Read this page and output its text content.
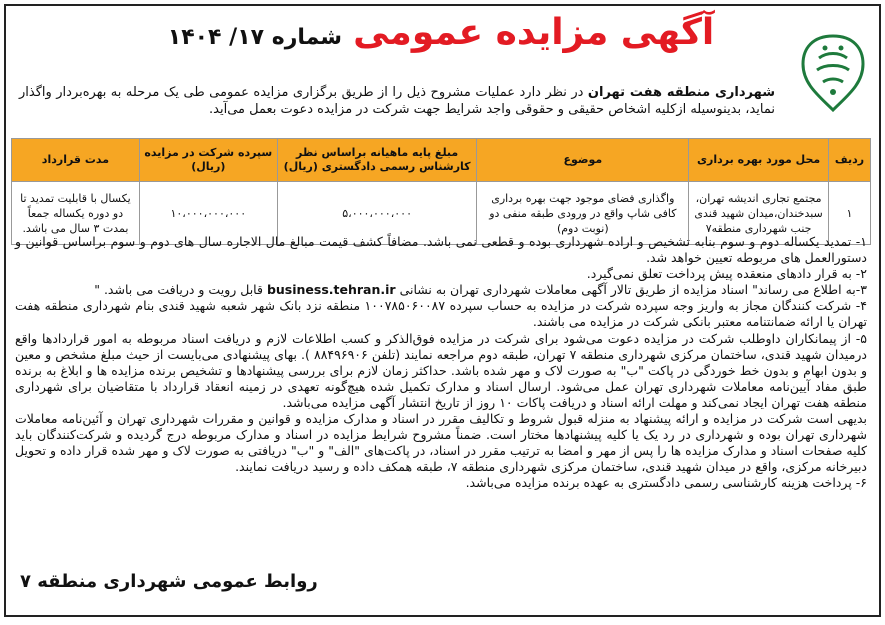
آگهی مزایده عمومی شماره ۱۷/ ۱۴۰۴
شهرداری منطقه هفت تهران در نظر دارد عملیات مشروح ذیل را از طریق برگزاری مزایده عمومی طی یک مرحله به بهره‌بردار واگذار نماید، بدینوسیله ازکلیه اشخاص حقیقی و حقوقی واجد شرایط جهت شرکت در مزایده دعوت بعمل می‌آید.
ردیف	محل مورد بهره برداری	موضوع	مبلغ پایه ماهیانه براساس نظر کارشناس رسمی دادگستری (ریال)	سپرده شرکت در مزایده (ریال)	مدت قرارداد
۱	مجتمع تجاری اندیشه تهران، سبدخندان،میدان شهید قندی جنب شهرداری منطقه۷	واگذاری فضای موجود جهت بهره برداری کافی شاپ واقع در ورودی طبقه منفی دو (نوبت دوم)	۵،۰۰۰،۰۰۰،۰۰۰	۱۰،۰۰۰،۰۰۰،۰۰۰	یکسال با قابلیت تمدید تا دو دوره یکساله جمعاً بمدت ۳ سال می باشد.

۱- تمدید یکساله دوم و سوم بنابه تشخیص و اراده شهرداری بوده و قطعی نمی باشد. مضافاً کشف قیمت مبالغ مال الاجاره سال های دوم و سوم براساس قوانین و دستورالعمل های مربوطه تعیین خواهد شد.

۲- به قرار دادهای منعقده پیش پرداخت تعلق نمی‌گیرد.

۳-به اطلاع می رساند" اسناد مزایده از طریق تالار آگهی معاملات شهرداری تهران به نشانی business.tehran.ir قابل رویت و دریافت می باشد. "

۴- شرکت کنندگان مجاز به واریز وجه سپرده شرکت در مزایده به حساب سپرده ۱۰۰۷۸۵۰۶۰۰۸۷ منطقه نزد بانک شهر شعبه شهید قندی بنام شهرداری منطقه هفت تهران یا ارائه ضمانتنامه معتبر بانکی شرکت در مزایده می باشند.

۵- از پیمانکاران داوطلب شرکت در مزایده دعوت می‌شود برای شرکت در مزایده فوق‌الذکر و کسب اطلاعات لازم و دریافت اسناد مربوطه به امور قراردادها واقع درمیدان شهید قندی، ساختمان مرکزی شهرداری منطقه ۷ تهران، طبقه دوم مراجعه نمایند (تلفن ۸۸۴۹۶۹۰۶ ). بهای پیشنهادی می‌بایست از حیث مبلغ مشخص و معین و بدون ابهام و بدون خط خوردگی در پاکت "ب" به صورت لاک و مهر شده باشد. حداکثر زمان لازم برای بررسی پیشنهادها و تشخیص برنده مزایده ها و ابلاغ به برنده طبق مفاد آیین‌نامه معاملات شهرداری تهران عمل می‌شود. ارسال اسناد و مدارک تکمیل شده هیچ‌گونه تعهدی در زمینه انعقاد قرارداد با متقاضیان برای شهرداری منطقه هفت تهران ایجاد نمی‌کند و مهلت ارائه اسناد و دریافت پاکات ۱۰ روز از تاریخ انتشار آگهی مزایده می‌باشد.

بدیهی است شرکت در مزایده و ارائه پیشنهاد به منزله قبول شروط و تکالیف مقرر در اسناد و مدارک مزایده و قوانین و مقررات شهرداری تهران و آئین‌نامه معاملات شهرداری تهران بوده و شهرداری در رد یک یا کلیه پیشنهادها مختار است. ضمناً مشروح شرایط مزایده در اسناد و مدارک مربوطه درج گردیده و شرکت‌کنندگان باید کلیه صفحات اسناد و مدارک مزایده ها را پس از مهر و امضا به ترتیب مقرر در اسناد، در پاکت‌های "الف" و "ب" دریافتی به صورت لاک و مهر شده قرار داده و تحویل دبیرخانه مرکزی، واقع در میدان شهید قندی، ساختمان مرکزی شهرداری منطقه ۷، طبقه همکف داده و رسید دریافت نمایند.

۶- پرداخت هزینه کارشناسی رسمی دادگستری به عهده برنده مزایده می‌باشد.

روابط عمومی شهرداری منطقه ۷
